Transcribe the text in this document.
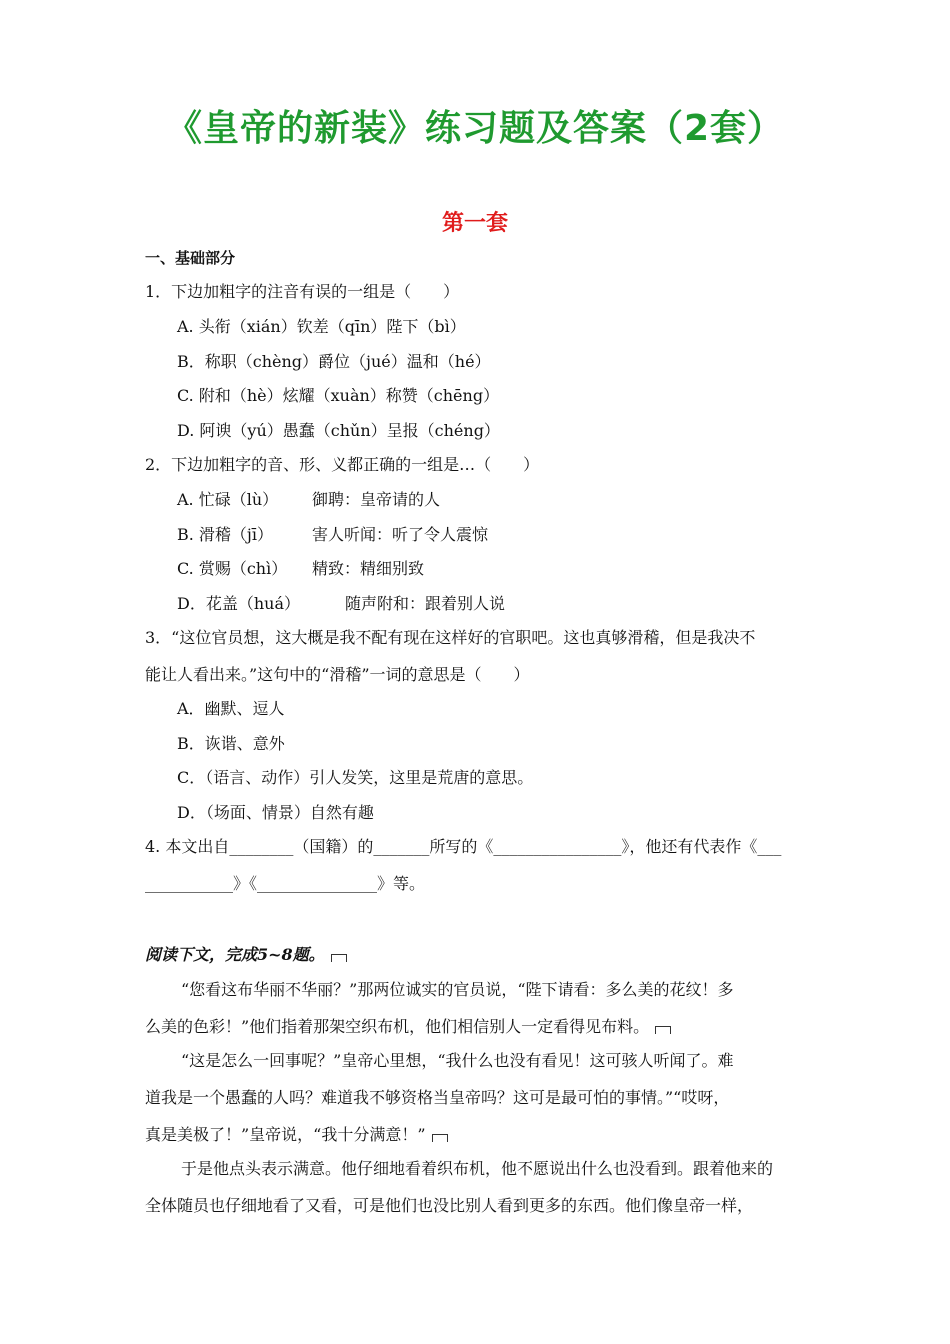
《皇帝的新装》练习题及答案（2套）
第一套
一、基础部分
1．下边加粗字的注音有误的一组是（　　）
A. 头衔（xián）钦差（qīn）陛下（bì）
B．称职（chèng）爵位（jué）温和（hé）
C. 附和（hè）炫耀（xuàn）称赞（chēng）
D. 阿谀（yú）愚蠢（chǔn）呈报（chéng）
2．下边加粗字的音、形、义都正确的一组是…（　　）
A. 忙碌（lù） 御聘：皇帝请的人
B. 滑稽（jī） 害人听闻：听了令人震惊
C. 赏赐（chì） 精致：精细别致
D．花盖（huá）	随声附和：跟着别人说
3．“这位官员想，这大概是我不配有现在这样好的官职吧。这也真够滑稽，但是我决不
能让人看出来。”这句中的“滑稽”一词的意思是（　　）
A．幽默、逗人
B．诙谐、意外
C．（语言、动作）引人发笑，这里是荒唐的意思。
D．（场面、情景）自然有趣
4. 本文出自________（国籍）的_______所写的《________________》，他还有代表作《___
___________》《_______________》等。
阅读下文，完成5~8题。
“您看这布华丽不华丽？”那两位诚实的官员说，“陛下请看：多么美的花纹！多
么美的色彩！”他们指着那架空织布机，他们相信别人一定看得见布料。
“这是怎么一回事呢？”皇帝心里想，“我什么也没有看见！这可骇人听闻了。难
道我是一个愚蠢的人吗？难道我不够资格当皇帝吗？这可是最可怕的事情。”“哎呀，
真是美极了！”皇帝说，“我十分满意！”
于是他点头表示满意。他仔细地看着织布机，他不愿说出什么也没看到。跟着他来的
全体随员也仔细地看了又看，可是他们也没比别人看到更多的东西。他们像皇帝一样，
